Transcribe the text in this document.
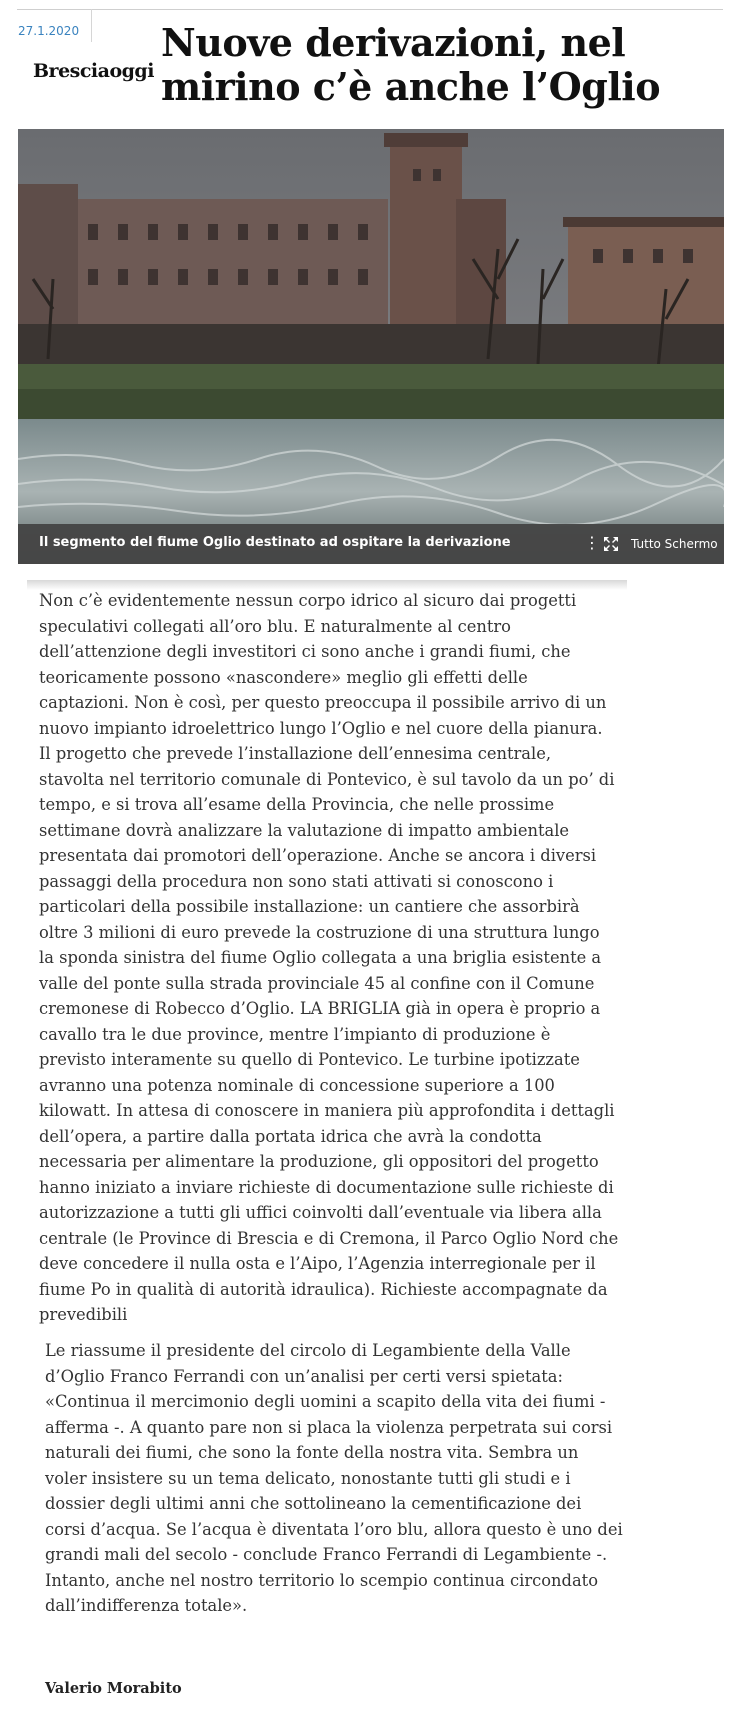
27.1.2020
Bresciaoggi
Nuove derivazioni, nel mirino c’è anche l’Oglio
Il segmento del fiume Oglio destinato ad ospitare la derivazione	⋮	Tutto Schermo

Non c’è evidentemente nessun corpo idrico al sicuro dai progetti speculativi collegati all’oro blu. E naturalmente al centro dell’attenzione degli investitori ci sono anche i grandi fiumi, che teoricamente possono «nascondere» meglio gli effetti delle captazioni. Non è così, per questo preoccupa il possibile arrivo di un nuovo impianto idroelettrico lungo l’Oglio e nel cuore della pianura. Il progetto che prevede l’installazione dell’ennesima centrale, stavolta nel territorio comunale di Pontevico, è sul tavolo da un po’ di tempo, e si trova all’esame della Provincia, che nelle prossime settimane dovrà analizzare la valutazione di impatto ambientale presentata dai promotori dell’operazione. Anche se ancora i diversi passaggi della procedura non sono stati attivati si conoscono i particolari della possibile installazione: un cantiere che assorbirà oltre 3 milioni di euro prevede la costruzione di una struttura lungo la sponda sinistra del fiume Oglio collegata a una briglia esistente a valle del ponte sulla strada provinciale 45 al confine con il Comune cremonese di Robecco d’Oglio. LA BRIGLIA già in opera è proprio a cavallo tra le due province, mentre l’impianto di produzione è previsto interamente su quello di Pontevico. Le turbine ipotizzate avranno una potenza nominale di concessione superiore a 100 kilowatt. In attesa di conoscere in maniera più approfondita i dettagli dell’opera, a partire dalla portata idrica che avrà la condotta necessaria per alimentare la produzione, gli oppositori del progetto hanno iniziato a inviare richieste di documentazione sulle richieste di autorizzazione a tutti gli uffici coinvolti dall’eventuale via libera alla centrale (le Province di Brescia e di Cremona, il Parco Oglio Nord che deve concedere il nulla osta e l’Aipo, l’Agenzia interregionale per il fiume Po in qualità di autorità idraulica). Richieste accompagnate da prevedibili

Le riassume il presidente del circolo di Legambiente della Valle d’Oglio Franco Ferrandi con un’analisi per certi versi spietata: «Continua il mercimonio degli uomini a scapito della vita dei fiumi - afferma -. A quanto pare non si placa la violenza perpetrata sui corsi naturali dei fiumi, che sono la fonte della nostra vita. Sembra un voler insistere su un tema delicato, nonostante tutti gli studi e i dossier degli ultimi anni che sottolineano la cementificazione dei corsi d’acqua. Se l’acqua è diventata l’oro blu, allora questo è uno dei grandi mali del secolo - conclude Franco Ferrandi di Legambiente -. Intanto, anche nel nostro territorio lo scempio continua circondato dall’indifferenza totale».

Valerio Morabito
